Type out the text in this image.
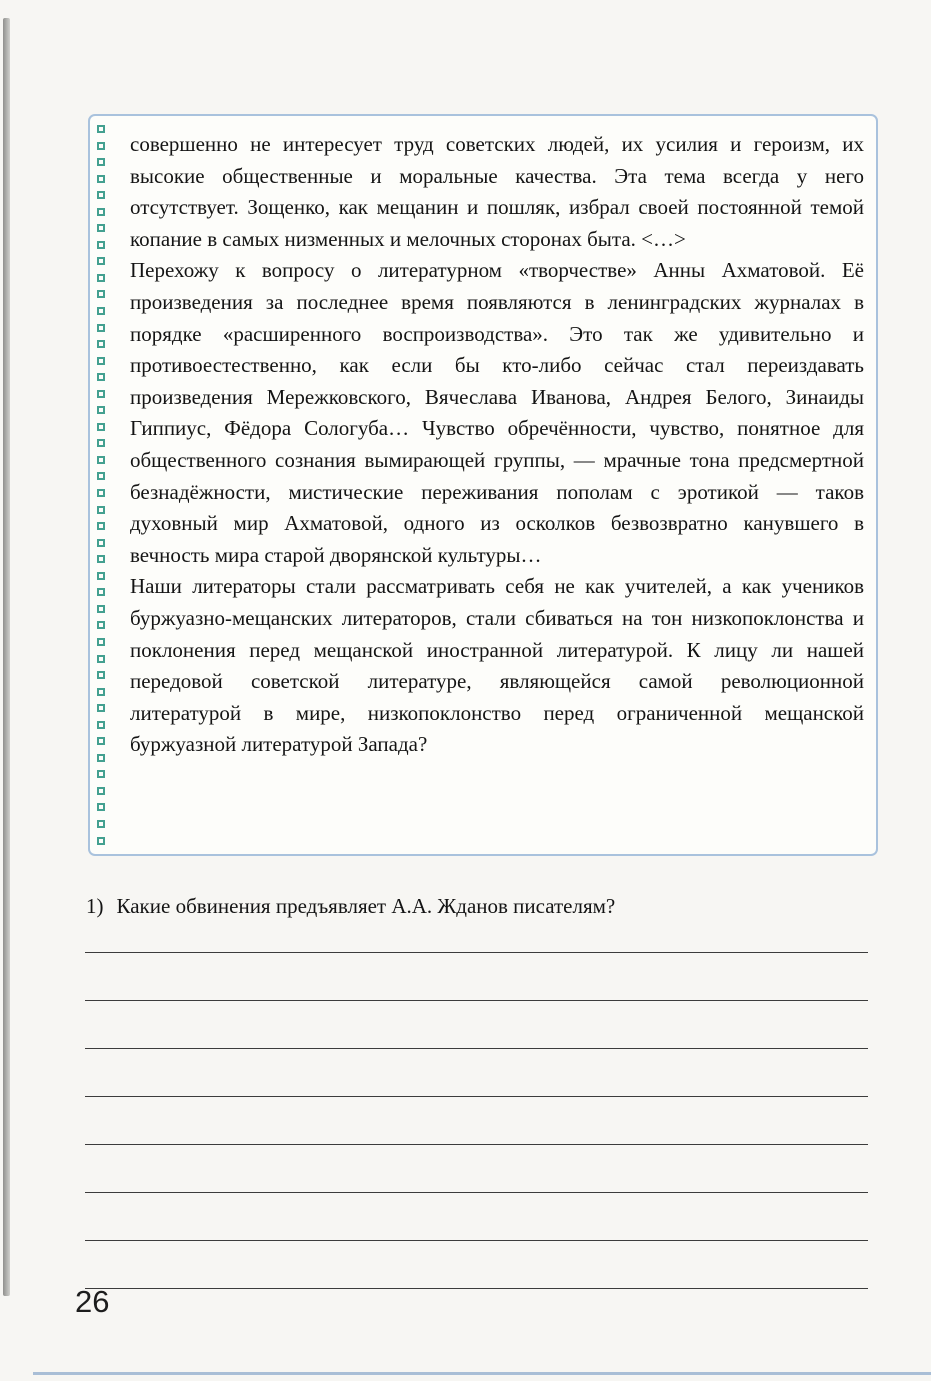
совершенно не интересует труд советских людей, их усилия и героизм, их высокие общественные и моральные качества. Эта тема всегда у него отсутствует. Зощенко, как мещанин и пошляк, избрал своей постоянной темой копание в самых низменных и мелочных сторонах быта. <…>

Перехожу к вопросу о литературном «творчестве» Анны Ахматовой. Её произведения за последнее время появляются в ленинградских журналах в порядке «расширенного воспроизводства». Это так же удивительно и противоестественно, как если бы кто-либо сейчас стал переиздавать произведения Мережковского, Вячеслава Иванова, Андрея Белого, Зинаиды Гиппиус, Фёдора Сологуба… Чувство обречённости, чувство, понятное для общественного сознания вымирающей группы, — мрачные тона предсмертной безнадёжности, мистические переживания пополам с эротикой — таков духовный мир Ахматовой, одного из осколков безвозвратно канувшего в вечность мира старой дворянской культуры…

Наши литераторы стали рассматривать себя не как учителей, а как учеников буржуазно-мещанских литераторов, стали сбиваться на тон низкопоклонства и поклонения перед мещанской иностранной литературой. К лицу ли нашей передовой советской литературе, являющейся самой революционной литературой в мире, низкопоклонство перед ограниченной мещанской буржуазной литературой Запада?

1) Какие обвинения предъявляет А.А. Жданов писателям?
26
